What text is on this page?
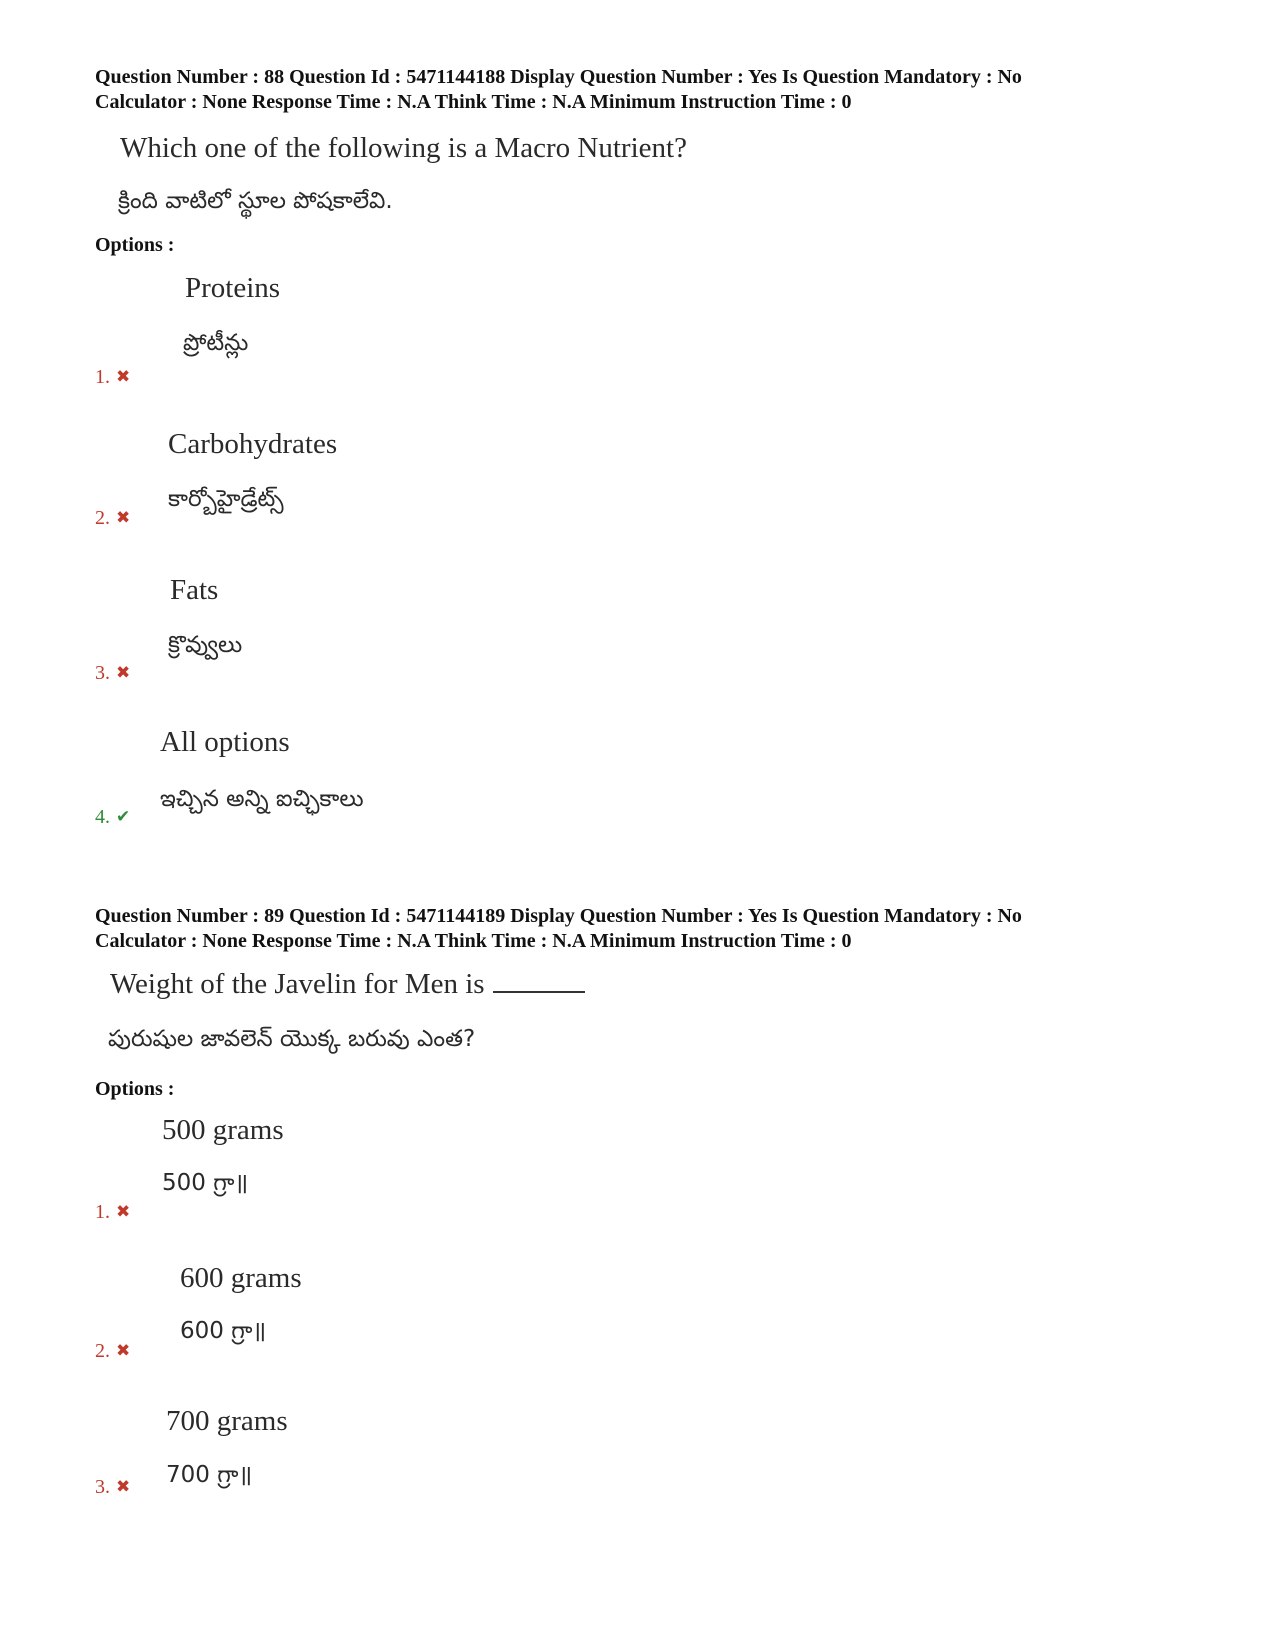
Question Number : 88 Question Id : 5471144188 Display Question Number : Yes Is Question Mandatory : No
Calculator : None Response Time : N.A Think Time : N.A Minimum Instruction Time : 0
Which one of the following is a Macro Nutrient?
క్రింది వాటిలో స్థూల పోషకాలేవి.
Options :
Proteins
ప్రోటీన్లు
1. ✖
Carbohydrates
కార్బోహైడ్రేట్స్
2. ✖
Fats
క్రొవ్వులు
3. ✖
All options
ఇచ్చిన అన్ని ఐచ్ఛికాలు
4. ✔
Question Number : 89 Question Id : 5471144189 Display Question Number : Yes Is Question Mandatory : No
Calculator : None Response Time : N.A Think Time : N.A Minimum Instruction Time : 0
Weight of the Javelin for Men is
పురుషుల జావలెన్ యొక్క బరువు ఎంత?
Options :
500 grams
500 గ్రా॥
1. ✖
600 grams
600 గ్రా॥
2. ✖
700 grams
700 గ్రా॥
3. ✖
